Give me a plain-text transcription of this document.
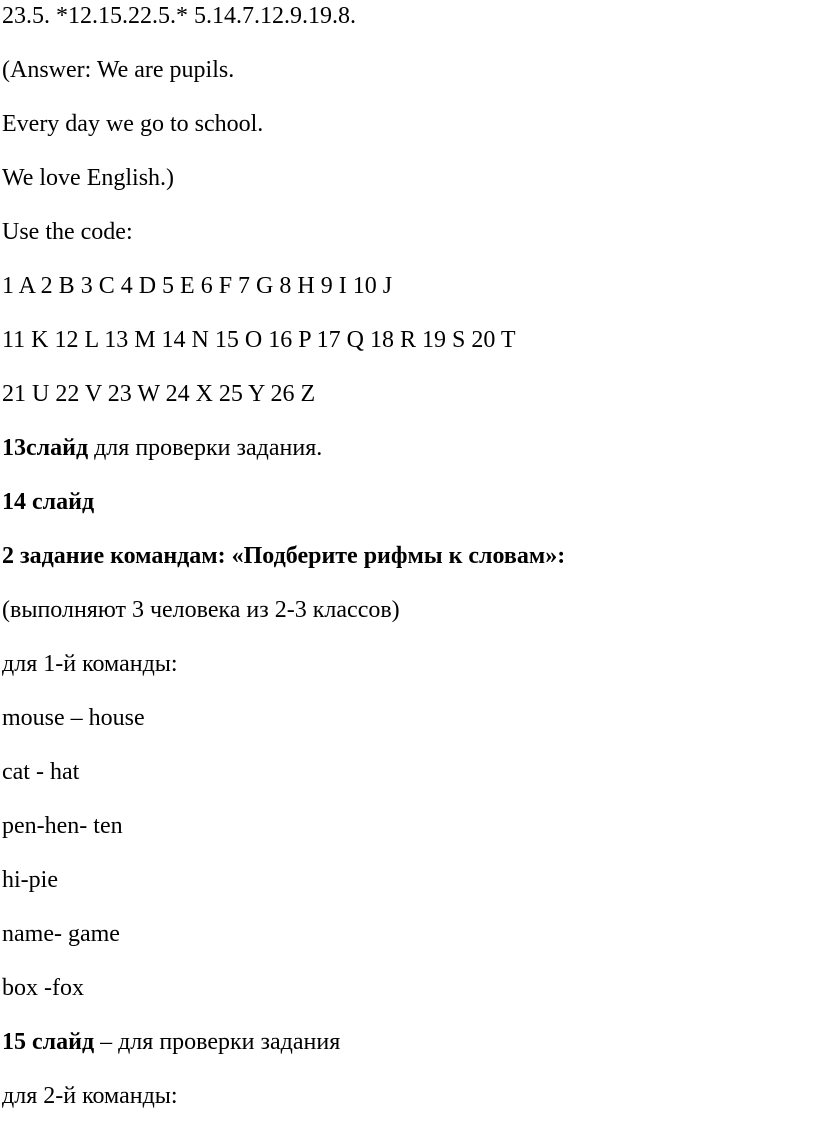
23.5. *12.15.22.5.* 5.14.7.12.9.19.8.

(Answer: We are pupils.

Every day we go to school.

We love English.)

Use the code:

1 A 2 B 3 C 4 D 5 E 6 F 7 G 8 H 9 I 10 J

11 K 12 L 13 M 14 N 15 O 16 P 17 Q 18 R 19 S 20 T

21 U 22 V 23 W 24 X 25 Y 26 Z

13слайд для проверки задания.

14 слайд

2 задание командам: «Подберите рифмы к словам»:

(выполняют 3 человека из 2-3 классов)

для 1-й команды:

mouse – house

cat - hat

pen-hen- ten

hi-pie

name- game

box -fox

15 слайд – для проверки задания

для 2-й команды:
